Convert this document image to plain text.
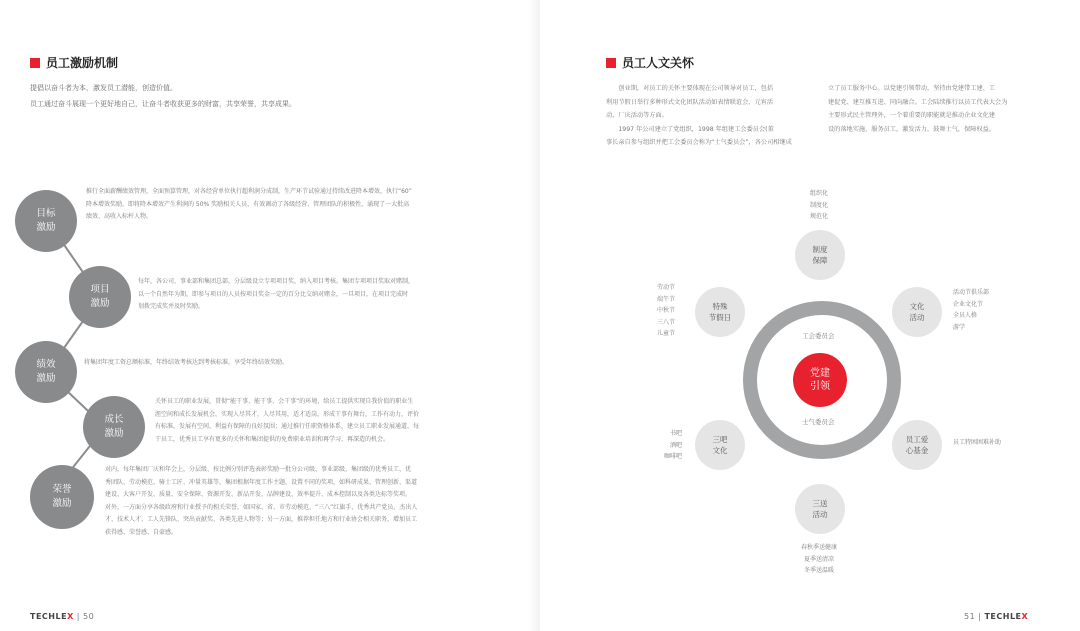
员工激励机制
提倡以奋斗者为本，激发员工潜能，创造价值。
员工通过奋斗展现一个更好地自己，让奋斗者收获更多的财富，共享荣誉，共享成果。
目标
激励
推行全面薪酬绩效管理，全面预算管理，对各经营单位执行超利润分成制，生产环节试验通过持续改进降本增效，执行“60”
降本增效奖励，即将降本增效产生利润的 50% 奖励相关人员，有效调动了各级经营、管理团队的积极性，涌现了一大批高
绩效、高收入标杆人物。
项目
激励
每年，各公司、事业部和集团总部，分层级设立专项项目奖，纳入项目考核。集团专项项目奖取对赌制，
以一个自然年为期，即参与项目的人员按项目奖金一定的百分比交纳对赌金，一旦项目，在项目完成时
划拨完成奖并及时奖励。
绩效
激励
将集团年度工资总额标准，年终结效考核达到考核标准，享受年终结效奖励。
成长
激励
关怀员工的职业发展，贯彻“能干事、能干事、会干事”的环境，给员工提供实现自我价值的职业生
涯空间和成长发展机会，实现人尽其才，人尽其用，适才适岗，形成干事有舞台，工作有动力，评价
有标准，发展有空间，利益有保障的良好氛围；通过推行任职资格体系，建立员工职业发展通道，每
干员工，优秀员工享有更多的关怀和集团提供的免费职业培训和再学习、再深造的机会。
荣誉
激励
对内，每年集团厂庆和年会上，分层级、按比例分别评选表彰奖励一批分公司级、事业部级、集团级的优秀员工、优
秀团队、劳动模范、骑士工匠、冲量英雄等，集团根据年度工作主题，设置不同的奖项，如科研成果、管理创新、渠道
建设、大客户开发、质量、安全保障、资源开发、新品开发、品牌建设、效率提升、成本控制以及各类达标等奖项。
对外，一方面分享各级政府和行业授予的相关荣誉，如国家、省、市劳动模范、“三八”红旗手、优秀共产党员、杰出人
才、技术人才、工人先锋队、突出贡献奖、各类先进人物等；另一方面，推荐担任地方和行业协会相关职务，增加员工
获得感、荣誉感、自豪感。
TECHLEX | 50
员工人文关怀
　　创业期，对员工的关怀主要体现在公司领导对员工，包括
利用节假日举行多种形式文化团队活动如表情联谊会、元宵活
动、厂庆活动等方面。
　　1997 年公司建立了党组织，1998 年组建工会委员会(董
事长亲自参与组织并把工会委员会称为“士气委员会”，各公司相继成
立了员工服务中心。以党建引领带动，坚持由党建带工建、工
建促党、建互推互进、同向融合。工会陆续推行以员工代表大会为
主要形式民主管理外，一个着重要的职能就是推动企业文化建
设的落地实施，服务员工，激发活力，鼓舞士气，保障权益。
员工服务中心
工会委员会
士气委员会
党建
引领
制度
保障
组织化
制度化
规范化
文化
活动
活动节俱乐部
企业文化节
全员人格
游学
员工爱
心基金
员工特困困难补助
三送
活动
春秋季送健康
夏季送清凉
冬季送温暖
三吧
文化
书吧
酒吧
咖啡吧
特殊
节假日
劳动节
端午节
中秋节
三八节
儿童节
51 | TECHLEX
